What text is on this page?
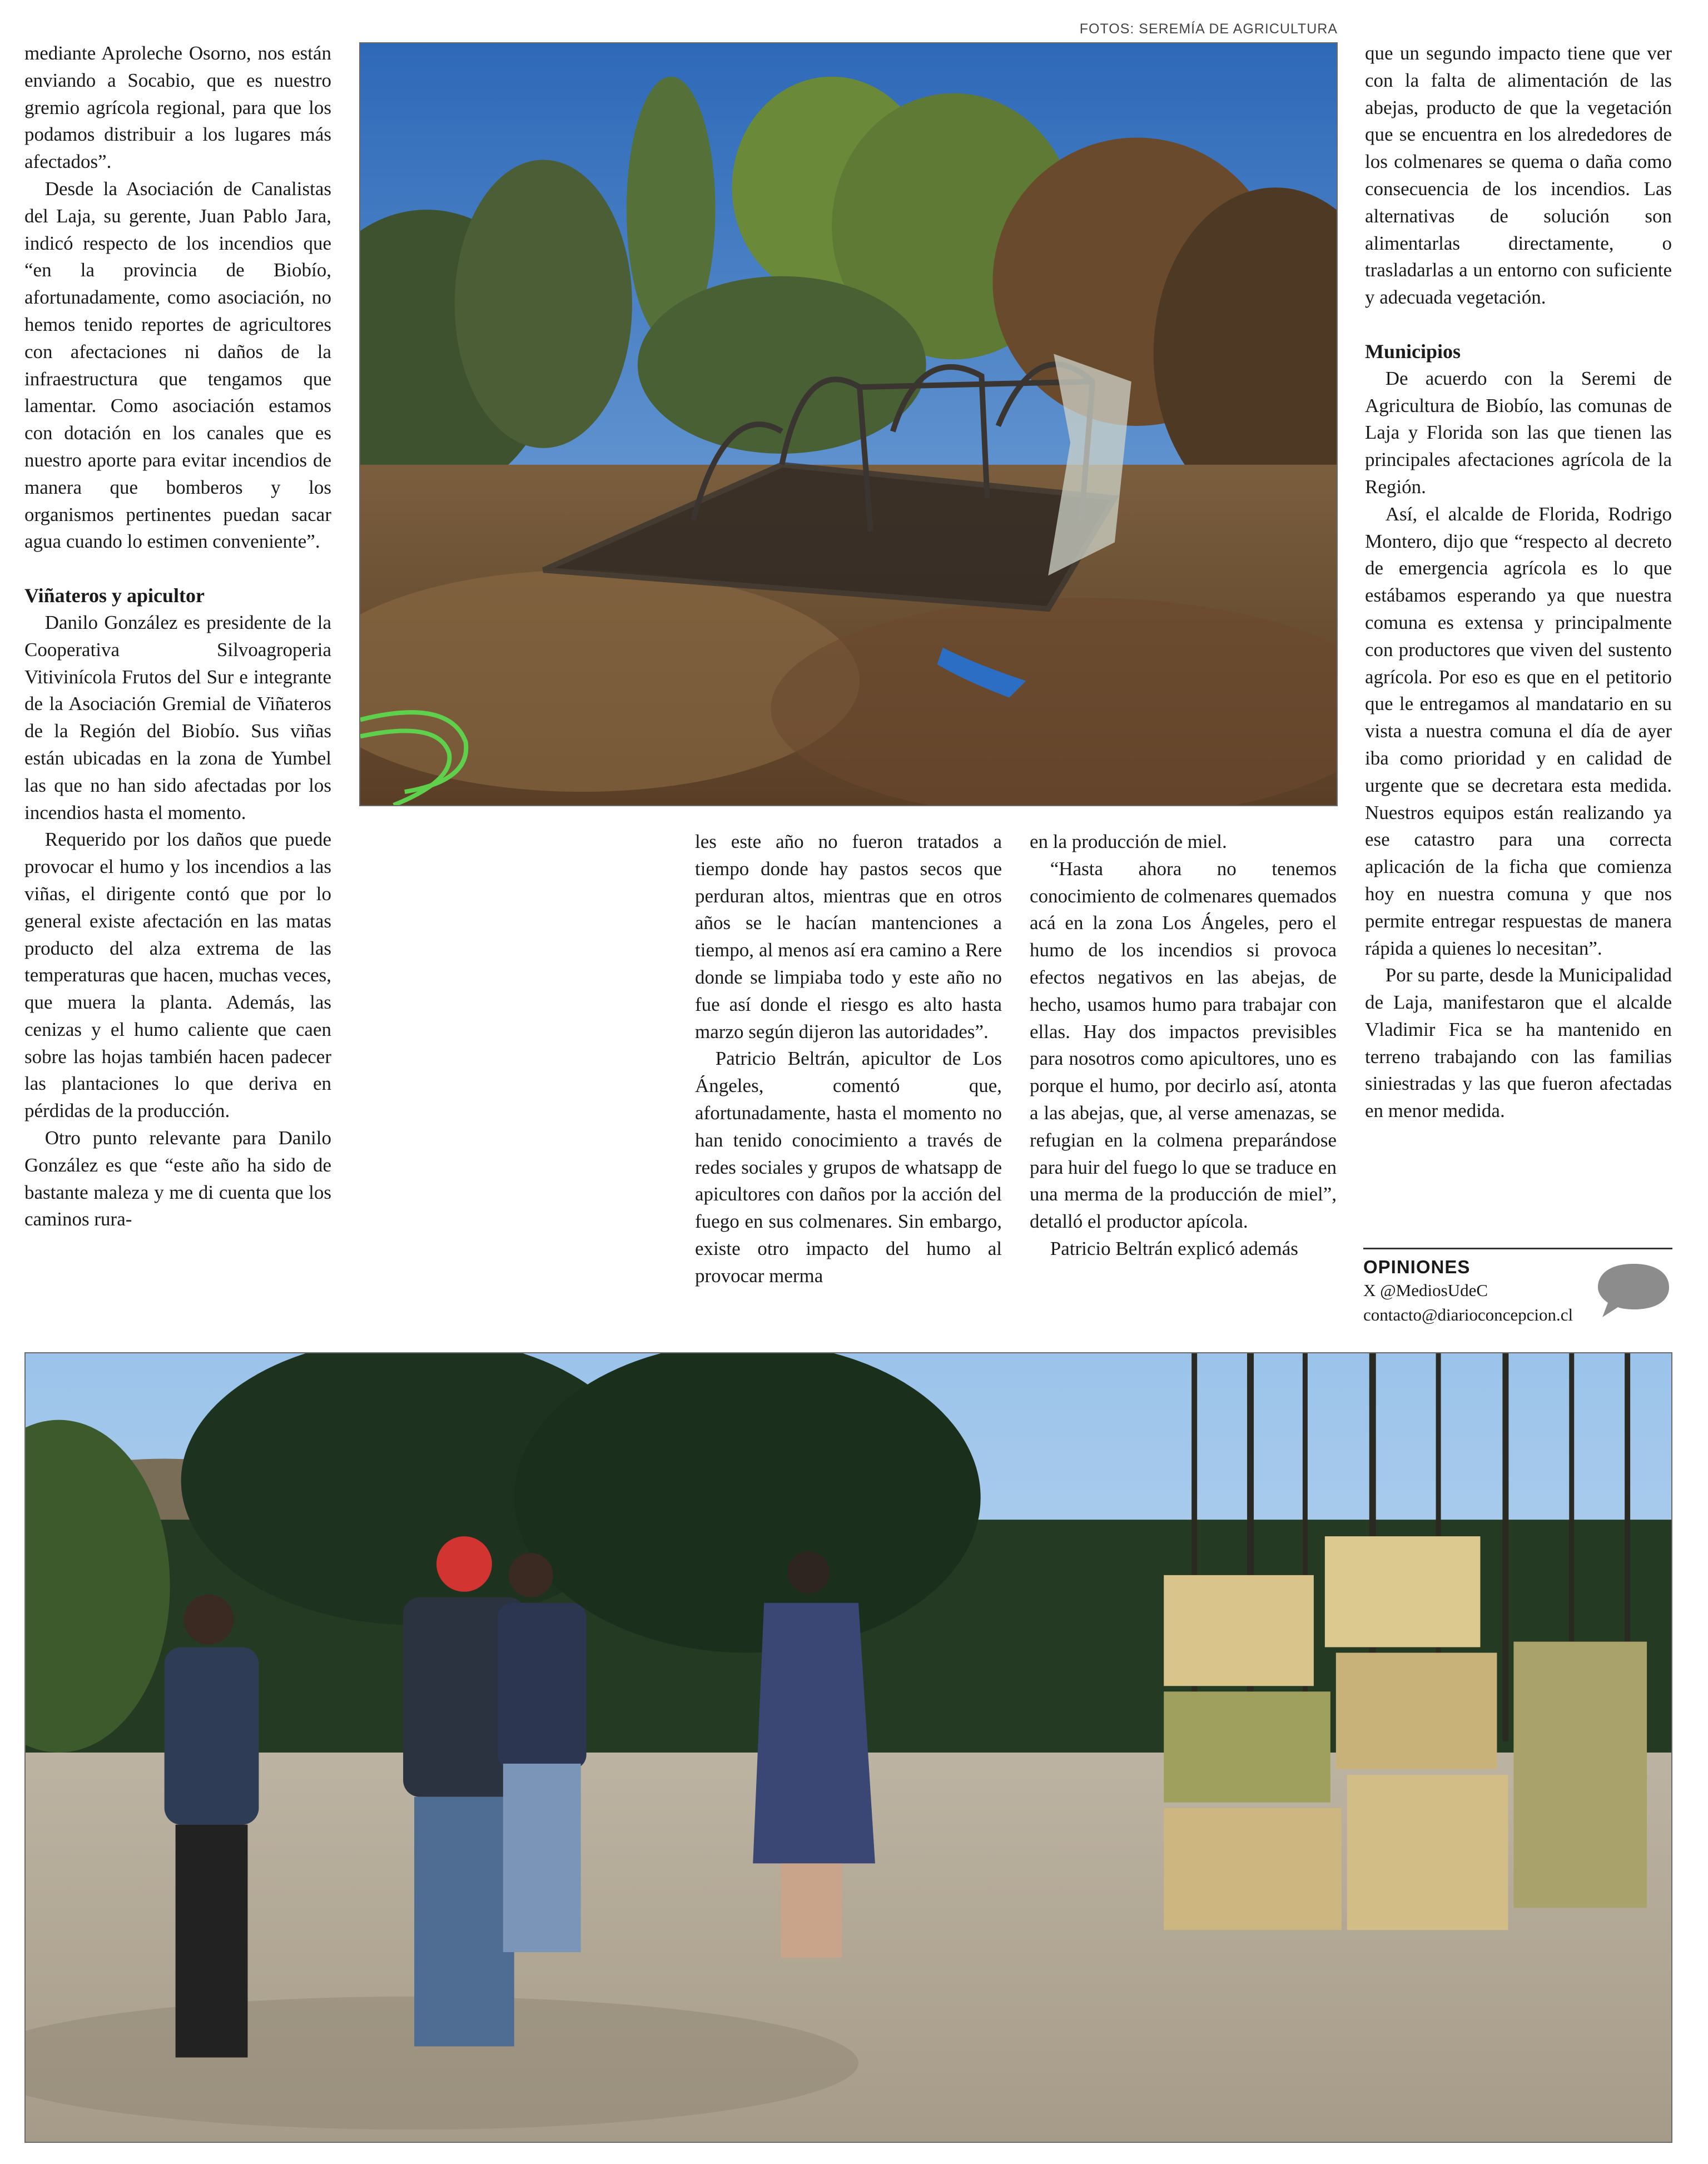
FOTOS: SEREMÍA DE AGRICULTURA

mediante Aproleche Osorno, nos están enviando a Socabio, que es nuestro gremio agrícola regional, para que los podamos distribuir a los lugares más afectados”.

Desde la Asociación de Canalistas del Laja, su gerente, Juan Pablo Jara, indicó respecto de los incendios que “en la provincia de Biobío, afortunadamente, como asociación, no hemos tenido reportes de agricultores con afectaciones ni daños de la infraestructura que tengamos que lamentar. Como asociación estamos con dotación en los canales que es nuestro aporte para evitar incendios de manera que bomberos y los organismos pertinentes puedan sacar agua cuando lo estimen conveniente”.

Viñateros y apicultor

Danilo González es presidente de la Cooperativa Silvoagroperia Vitivinícola Frutos del Sur e integrante de la Asociación Gremial de Viñateros de la Región del Biobío. Sus viñas están ubicadas en la zona de Yumbel las que no han sido afectadas por los incendios hasta el momento.

Requerido por los daños que puede provocar el humo y los incendios a las viñas, el dirigente contó que por lo general existe afectación en las matas producto del alza extrema de las temperaturas que hacen, muchas veces, que muera la planta. Además, las cenizas y el humo caliente que caen sobre las hojas también hacen padecer las plantaciones lo que deriva en pérdidas de la producción.

Otro punto relevante para Danilo González es que “este año ha sido de bastante maleza y me di cuenta que los caminos rura-

les este año no fueron tratados a tiempo donde hay pastos secos que perduran altos, mientras que en otros años se le hacían mantenciones a tiempo, al menos así era camino a Rere donde se limpiaba todo y este año no fue así donde el riesgo es alto hasta marzo según dijeron las autoridades”.

Patricio Beltrán, apicultor de Los Ángeles, comentó que, afortunadamente, hasta el momento no han tenido conocimiento a través de redes sociales y grupos de whatsapp de apicultores con daños por la acción del fuego en sus colmenares. Sin embargo, existe otro impacto del humo al provocar merma

en la producción de miel.

“Hasta ahora no tenemos conocimiento de colmenares quemados acá en la zona Los Ángeles, pero el humo de los incendios si provoca efectos negativos en las abejas, de hecho, usamos humo para trabajar con ellas. Hay dos impactos previsibles para nosotros como apicultores, uno es porque el humo, por decirlo así, atonta a las abejas, que, al verse amenazas, se refugian en la colmena preparándose para huir del fuego lo que se traduce en una merma de la producción de miel”, detalló el productor apícola.

Patricio Beltrán explicó además

que un segundo impacto tiene que ver con la falta de alimentación de las abejas, producto de que la vegetación que se encuentra en los alrededores de los colmenares se quema o daña como consecuencia de los incendios. Las alternativas de solución son alimentarlas directamente, o trasladarlas a un entorno con suficiente y adecuada vegetación.

Municipios

De acuerdo con la Seremi de Agricultura de Biobío, las comunas de Laja y Florida son las que tienen las principales afectaciones agrícola de la Región.

Así, el alcalde de Florida, Rodrigo Montero, dijo que “respecto al decreto de emergencia agrícola es lo que estábamos esperando ya que nuestra comuna es extensa y principalmente con productores que viven del sustento agrícola. Por eso es que en el petitorio que le entregamos al mandatario en su vista a nuestra comuna el día de ayer iba como prioridad y en calidad de urgente que se decretara esta medida. Nuestros equipos están realizando ya ese catastro para una correcta aplicación de la ficha que comienza hoy en nuestra comuna y que nos permite entregar respuestas de manera rápida a quienes lo necesitan”.

Por su parte, desde la Municipalidad de Laja, manifestaron que el alcalde Vladimir Fica se ha mantenido en terreno trabajando con las familias siniestradas y las que fueron afectadas en menor medida.

OPINIONES
X @MediosUdeC
contacto@diarioconcepcion.cl
